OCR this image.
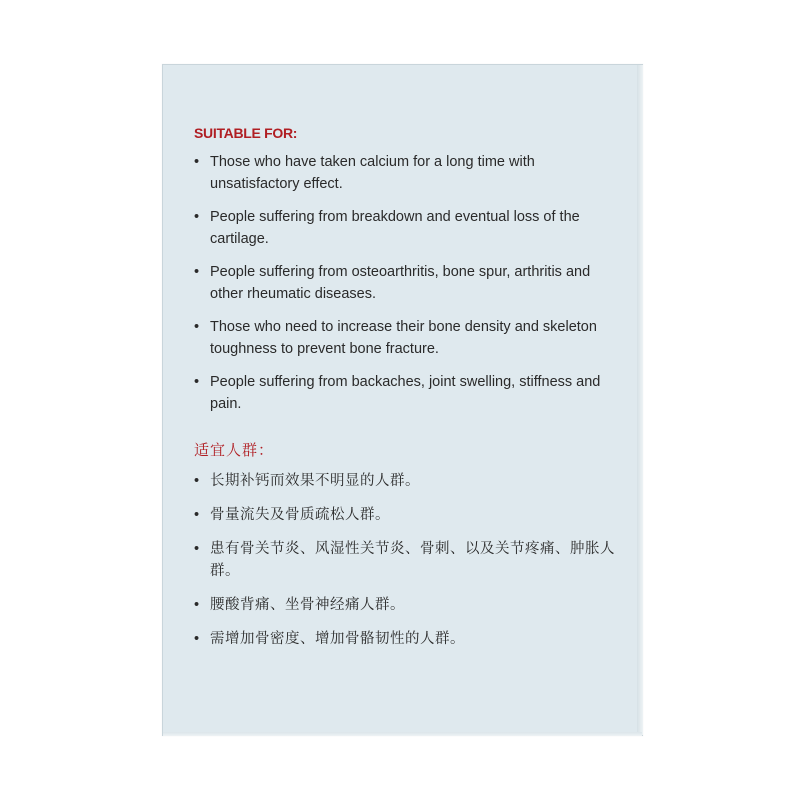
SUITABLE FOR:
• Those who have taken calcium for a long time with unsatisfactory effect.
• People suffering from breakdown and eventual loss of the cartilage.
• People suffering from osteoarthritis, bone spur, arthritis and other rheumatic diseases.
• Those who need to increase their bone density and skeleton toughness to prevent bone fracture.
• People suffering from backaches, joint swelling, stiffness and pain.
适宜人群：
• 长期补钙而效果不明显的人群。
• 骨量流失及骨质疏松人群。
• 患有骨关节炎、风湿性关节炎、骨刺、以及关节疼痛、肿胀人群。
• 腰酸背痛、坐骨神经痛人群。
• 需增加骨密度、增加骨骼韧性的人群。
